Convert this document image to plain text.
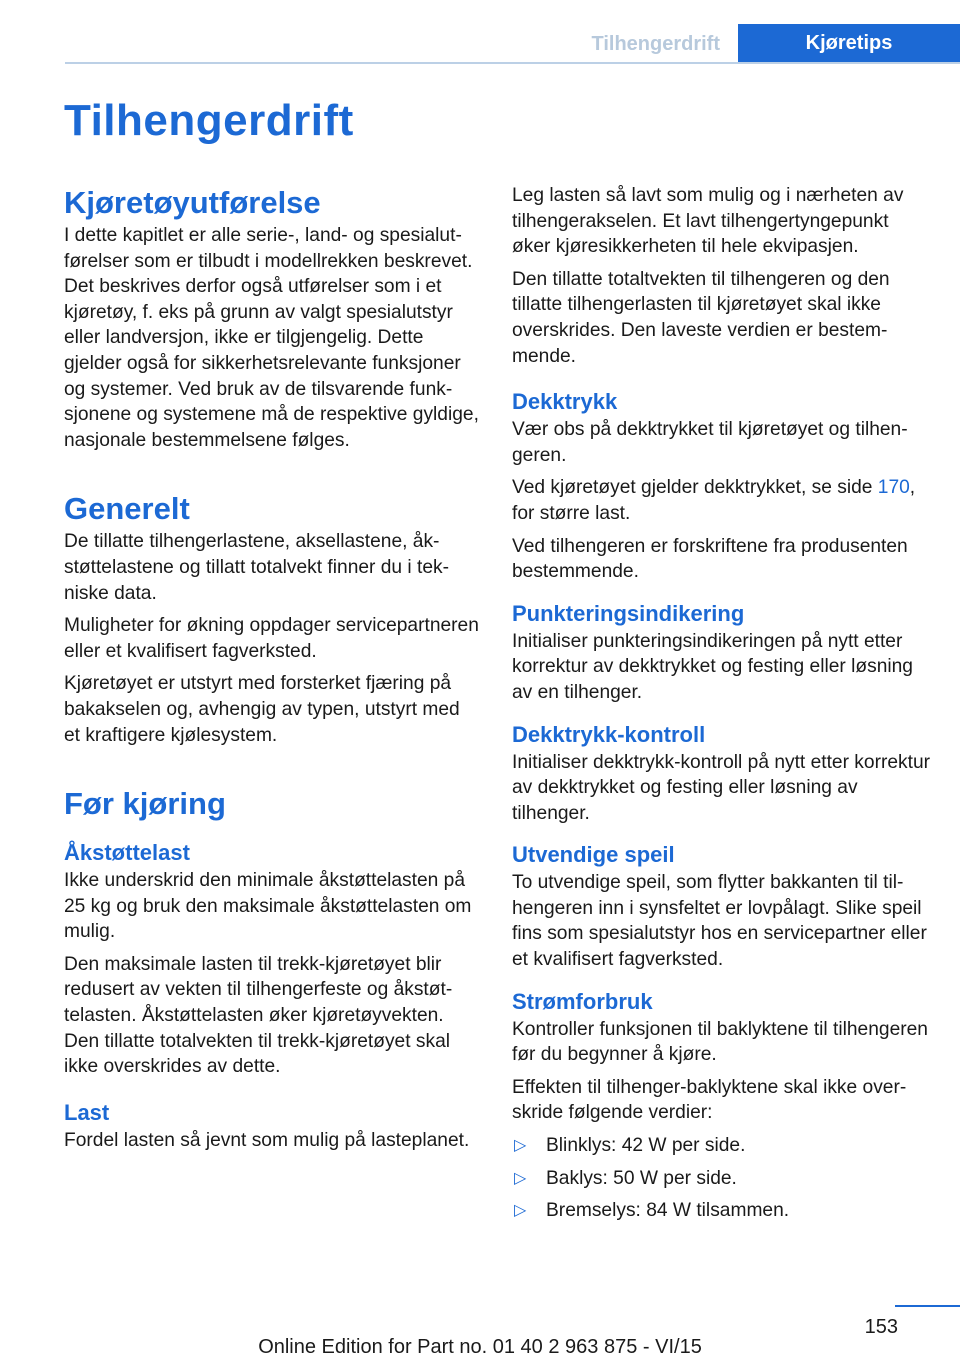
Tilhengerdrift	Kjøretips
Tilhengerdrift
Kjøretøyutførelse

I dette kapitlet er alle serie-, land- og spesialutførelser som er tilbudt i modellrekken beskrevet. Det beskrives derfor også utførelser som i et kjøretøy, f. eks på grunn av valgt spesialutstyr eller landversjon, ikke er tilgjengelig. Dette gjelder også for sikkerhetsrelevante funksjoner og systemer. Ved bruk av de tilsvarende funksjonene og systemene må de respektive gyldige, nasjonale bestemmelsene følges.

Generelt

De tillatte tilhengerlastene, aksellastene, åkstøttelastene og tillatt totalvekt finner du i tekniske data.

Muligheter for økning oppdager servicepartneren eller et kvalifisert fagverksted.

Kjøretøyet er utstyrt med forsterket fjæring på bakakselen og, avhengig av typen, utstyrt med et kraftigere kjølesystem.

Før kjøring
Åkstøttelast

Ikke underskrid den minimale åkstøttelasten på 25 kg og bruk den maksimale åkstøttelasten om mulig.

Den maksimale lasten til trekk-kjøretøyet blir redusert av vekten til tilhengerfeste og åkstøttelasten. Åkstøttelasten øker kjøretøyvekten. Den tillatte totalvekten til trekk-kjøretøyet skal ikke overskrides av dette.

Last

Fordel lasten så jevnt som mulig på lasteplanet.

Leg lasten så lavt som mulig og i nærheten av tilhengerakselen. Et lavt tilhengertyngepunkt øker kjøresikkerheten til hele ekvipasjen.

Den tillatte totaltvekten til tilhengeren og den tillatte tilhengerlasten til kjøretøyet skal ikke overskrides. Den laveste verdien er bestemmende.

Dekktrykk

Vær obs på dekktrykket til kjøretøyet og tilhengeren.

Ved kjøretøyet gjelder dekktrykket, se side 170, for større last.

Ved tilhengeren er forskriftene fra produsenten bestemmende.

Punkteringsindikering

Initialiser punkteringsindikeringen på nytt etter korrektur av dekktrykket og festing eller løsning av en tilhenger.

Dekktrykk-kontroll

Initialiser dekktrykk-kontroll på nytt etter korrektur av dekktrykket og festing eller løsning av tilhenger.

Utvendige speil

To utvendige speil, som flytter bakkanten til tilhengeren inn i synsfeltet er lovpålagt. Slike speil fins som spesialutstyr hos en servicepartner eller et kvalifisert fagverksted.

Strømforbruk

Kontroller funksjonen til baklyktene til tilhengeren før du begynner å kjøre.

Effekten til tilhenger-baklyktene skal ikke overskride følgende verdier:

▷ Blinklys: 42 W per side.
▷ Baklys: 50 W per side.
▷ Bremselys: 84 W tilsammen.
153
Online Edition for Part no. 01 40 2 963 875 - VI/15
